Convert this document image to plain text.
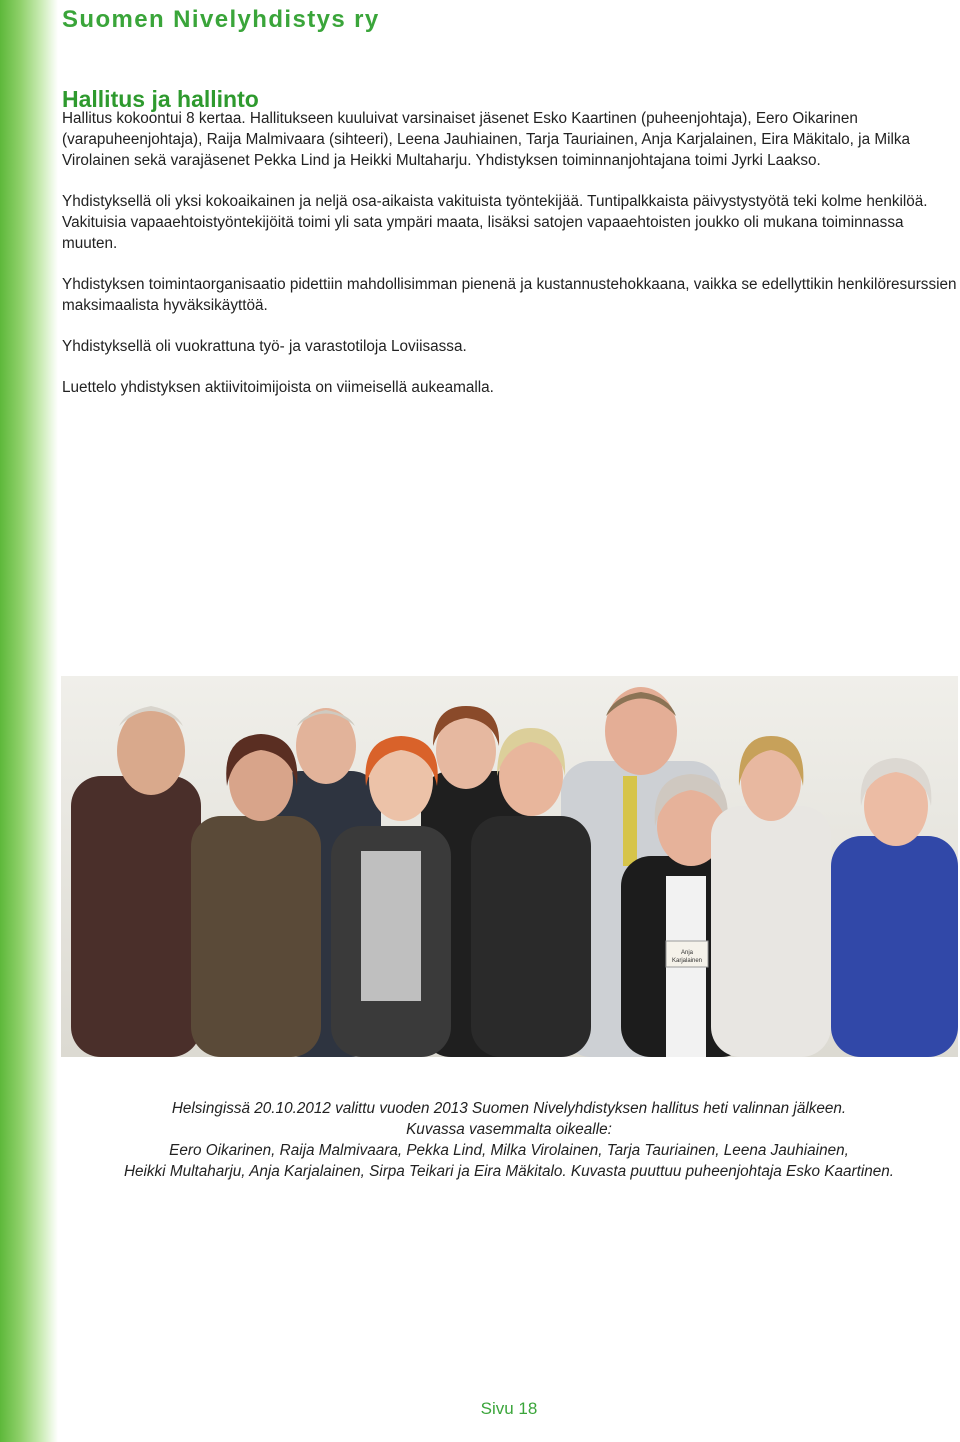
Suomen Nivelyhdistys ry
Hallitus ja hallinto

Hallitus kokoontui 8 kertaa. Hallitukseen kuuluivat varsinaiset jäsenet Esko Kaartinen (puheenjohtaja), Eero Oikarinen (varapuheenjohtaja), Raija Malmivaara (sihteeri), Leena Jauhiainen, Tarja Tauriainen, Anja Karjalainen, Eira Mäkitalo, ja Milka Virolainen sekä varajäsenet Pekka Lind ja Heikki Multaharju. Yhdistyksen toiminnanjohtajana toimi Jyrki Laakso.

Yhdistyksellä oli yksi kokoaikainen ja neljä osa-aikaista vakituista työntekijää. Tuntipalkkaista päivystystyötä teki kolme henkilöä. Vakituisia vapaaehtoistyöntekijöitä toimi yli sata ympäri maata, lisäksi satojen vapaaehtoisten joukko oli mukana toiminnassa muuten.

Yhdistyksen toimintaorganisaatio pidettiin mahdollisimman pienenä ja kustannustehokkaana, vaikka se edellyttikin henkilöresurssien maksimaalista hyväksikäyttöä.

Yhdistyksellä oli vuokrattuna työ- ja varastotiloja Loviisassa.

Luettelo yhdistyksen aktiivitoimijoista on viimeisellä aukeamalla.

Anja Karjalainen
Helsingissä 20.10.2012 valittu vuoden 2013 Suomen Nivelyhdistyksen hallitus heti valinnan jälkeen.
Kuvassa vasemmalta oikealle:
Eero Oikarinen, Raija Malmivaara, Pekka Lind, Milka Virolainen, Tarja Tauriainen, Leena Jauhiainen,
Heikki Multaharju, Anja Karjalainen, Sirpa Teikari ja Eira Mäkitalo. Kuvasta puuttuu puheenjohtaja Esko Kaartinen.
Sivu 18
